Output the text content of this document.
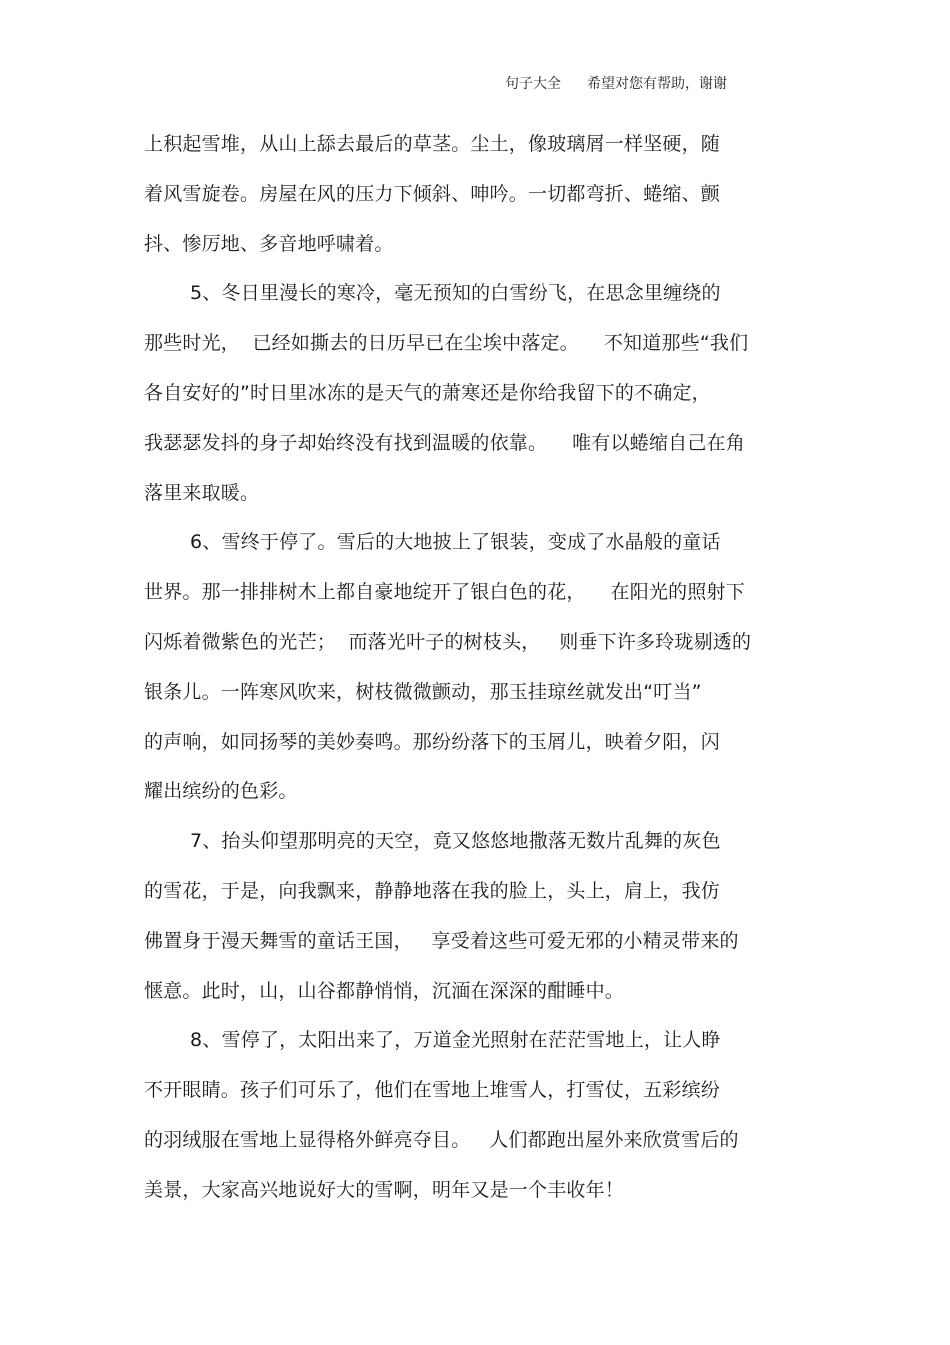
句子大全 希望对您有帮助，谢谢
上积起雪堆，从山上舔去最后的草茎。尘土，像玻璃屑一样坚硬，随
着风雪旋卷。房屋在风的压力下倾斜、呻吟。一切都弯折、蜷缩、颤
抖、惨厉地、多音地呼啸着。
5、冬日里漫长的寒冷，毫无预知的白雪纷飞，在思念里缠绕的
那些时光，  已经如撕去的日历早已在尘埃中落定。    不知道那些“我们
各自安好的”时日里冰冻的是天气的萧寒还是你给我留下的不确定，
我瑟瑟发抖的身子却始终没有找到温暖的依靠。    唯有以蜷缩自己在角
落里来取暖。
6、雪终于停了。雪后的大地披上了银装，变成了水晶般的童话
世界。那一排排树木上都自豪地绽开了银白色的花，    在阳光的照射下
闪烁着微紫色的光芒；  而落光叶子的树枝头，   则垂下许多玲珑剔透的
银条儿。一阵寒风吹来，树枝微微颤动，那玉挂琼丝就发出“叮当”
的声响，如同扬琴的美妙奏鸣。那纷纷落下的玉屑儿，映着夕阳，闪
耀出缤纷的色彩。
7、抬头仰望那明亮的天空，竟又悠悠地撒落无数片乱舞的灰色
的雪花，于是，向我飘来，静静地落在我的脸上，头上，肩上，我仿
佛置身于漫天舞雪的童话王国，   享受着这些可爱无邪的小精灵带来的
惬意。此时，山，山谷都静悄悄，沉湎在深深的酣睡中。
8、雪停了，太阳出来了，万道金光照射在茫茫雪地上，让人睁
不开眼睛。孩子们可乐了，他们在雪地上堆雪人，打雪仗，五彩缤纷
的羽绒服在雪地上显得格外鲜亮夺目。   人们都跑出屋外来欣赏雪后的
美景，大家高兴地说好大的雪啊，明年又是一个丰收年！
